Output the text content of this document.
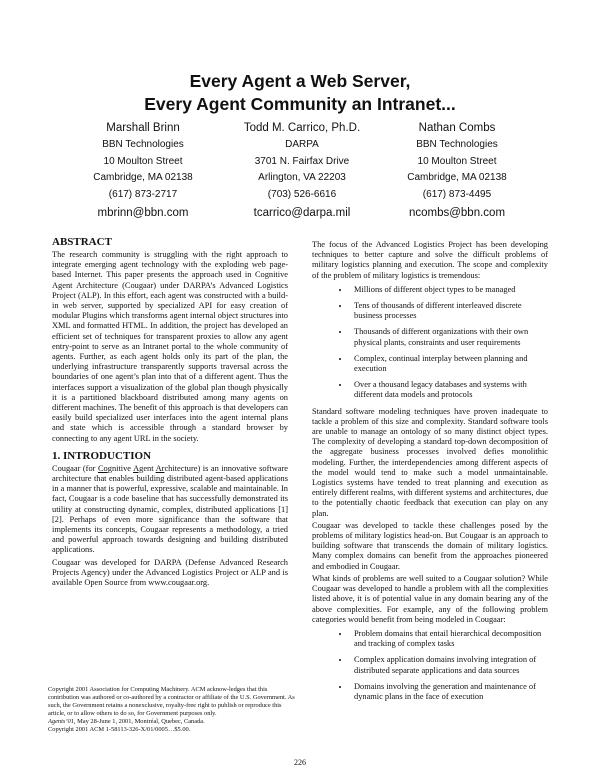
Every Agent a Web Server,
Every Agent Community an Intranet...
Marshall Brinn
BBN Technologies
10 Moulton Street
Cambridge, MA 02138
(617) 873-2717
mbrinn@bbn.com
Todd M. Carrico, Ph.D.
DARPA
3701 N. Fairfax Drive
Arlington, VA 22203
(703) 526-6616
tcarrico@darpa.mil
Nathan Combs
BBN Technologies
10 Moulton Street
Cambridge, MA 02138
(617) 873-4495
ncombs@bbn.com
ABSTRACT

The research community is struggling with the right approach to integrate emerging agent technology with the exploding web page-based Internet. This paper presents the approach used in Cognitive Agent Architecture (Cougaar) under DARPA’s Advanced Logistics Project (ALP). In this effort, each agent was constructed with a build-in web server, supported by specialized API for easy creation of modular Plugins which transforms agent internal object structures into XML and formatted HTML. In addition, the project has developed an efficient set of techniques for transparent proxies to allow any agent entry-point to serve as an Intranet portal to the whole community of agents. Further, as each agent holds only its part of the plan, the underlying infrastructure transparently supports traversal across the boundaries of one agent’s plan into that of a different agent. Thus the interfaces support a visualization of the global plan though physically it is a partitioned blackboard distributed among many agents on different machines. The benefit of this approach is that developers can easily build specialized user interfaces into the agent internal plans and state which is accessible through a standard browser by connecting to any agent URL in the society.

1. INTRODUCTION

Cougaar (for Cognitive Agent Architecture) is an innovative software architecture that enables building distributed agent-based applications in a manner that is powerful, expressive, scalable and maintainable. In fact, Cougaar is a code baseline that has successfully demonstrated its utility at constructing dynamic, complex, distributed applications [1][2]. Perhaps of even more significance than the software that implements its concepts, Cougaar represents a methodology, a tried and powerful approach towards designing and building distributed applications.

Cougaar was developed for DARPA (Defense Advanced Research Projects Agency) under the Advanced Logistics Project or ALP and is available Open Source from www.cougaar.org.

Copyright 2001 Association for Computing Machinery. ACM acknow-ledges that this contribution was authored or co-authored by a contractor or affiliate of the U.S. Government. As such, the Government retains a nonexclusive, royalty-free right to publish or reproduce this article, or to allow others to do so, for Government purposes only.

Agents’01, May 28-June 1, 2001, Montréal, Quebec, Canada.

Copyright 2001 ACM 1-58113-326-X/01/0005…$5.00.

The focus of the Advanced Logistics Project has been developing techniques to better capture and solve the difficult problems of military logistics planning and execution. The scope and complexity of the problem of military logistics is tremendous:

• Millions of different object types to be managed
• Tens of thousands of different interleaved discrete business processes
• Thousands of different organizations with their own physical plants, constraints and user requirements
• Complex, continual interplay between planning and execution
• Over a thousand legacy databases and systems with different data models and protocols

Standard software modeling techniques have proven inadequate to tackle a problem of this size and complexity. Standard software tools are unable to manage an ontology of so many distinct object types. The complexity of developing a standard top-down decomposition of the aggregate business processes involved defies monolithic modeling. Further, the interdependencies among different aspects of the model would tend to make such a model unmaintainable. Logistics systems have tended to treat planning and execution as entirely different realms, with different systems and architectures, due to the potentially chaotic feedback that execution can play on any plan.

Cougaar was developed to tackle these challenges posed by the problems of military logistics head-on. But Cougaar is an approach to building software that transcends the domain of military logistics. Many complex domains can benefit from the approaches pioneered and embodied in Cougaar.

What kinds of problems are well suited to a Cougaar solution? While Cougaar was developed to handle a problem with all the complexities listed above, it is of potential value in any domain bearing any of the above complexities. For example, any of the following problem categories would benefit from being modeled in Cougaar:

• Problem domains that entail hierarchical decomposition and tracking of complex tasks
• Complex application domains involving integration of distributed separate applications and data sources
• Domains involving the generation and maintenance of dynamic plans in the face of execution
226
